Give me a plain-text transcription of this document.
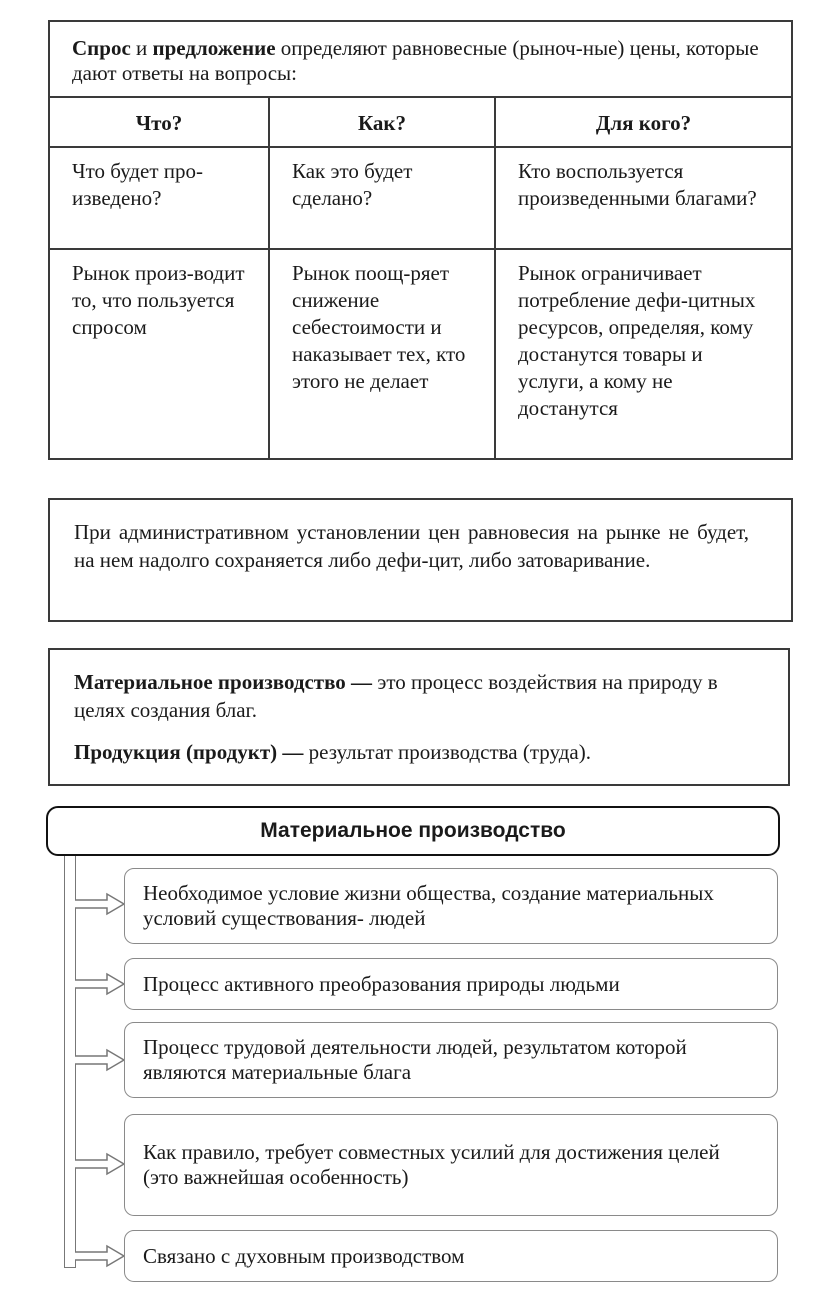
Спрос и предложение определяют равновесные (рыноч-ные) цены, которые дают ответы на вопросы:
Что?	Как?	Для кого?
Что будет про-изведено?
Как это будет сделано?
Кто воспользуется произведенными благами?
Рынок произ-водит то, что пользуется спросом
Рынок поощ-ряет снижение себестоимости и наказывает тех, кто этого не делает
Рынок ограничивает потребление дефи-цитных ресурсов, определяя, кому достанутся товары и услуги, а кому не достанутся
При административном установлении цен равновесия на рынке не будет, на нем надолго сохраняется либо дефи-цит, либо затоваривание.

Материальное производство — это процесс воздействия на природу в целях создания благ.

Продукция (продукт) — результат производства (труда).

Материальное производство
Необходимое условие жизни общества, создание материальных условий существования- людей
Процесс активного преобразования природы людьми
Процесс трудовой деятельности людей, результатом которой являются материальные блага
Как правило, требует совместных усилий для достижения целей (это важнейшая особенность)
Связано с духовным производством
